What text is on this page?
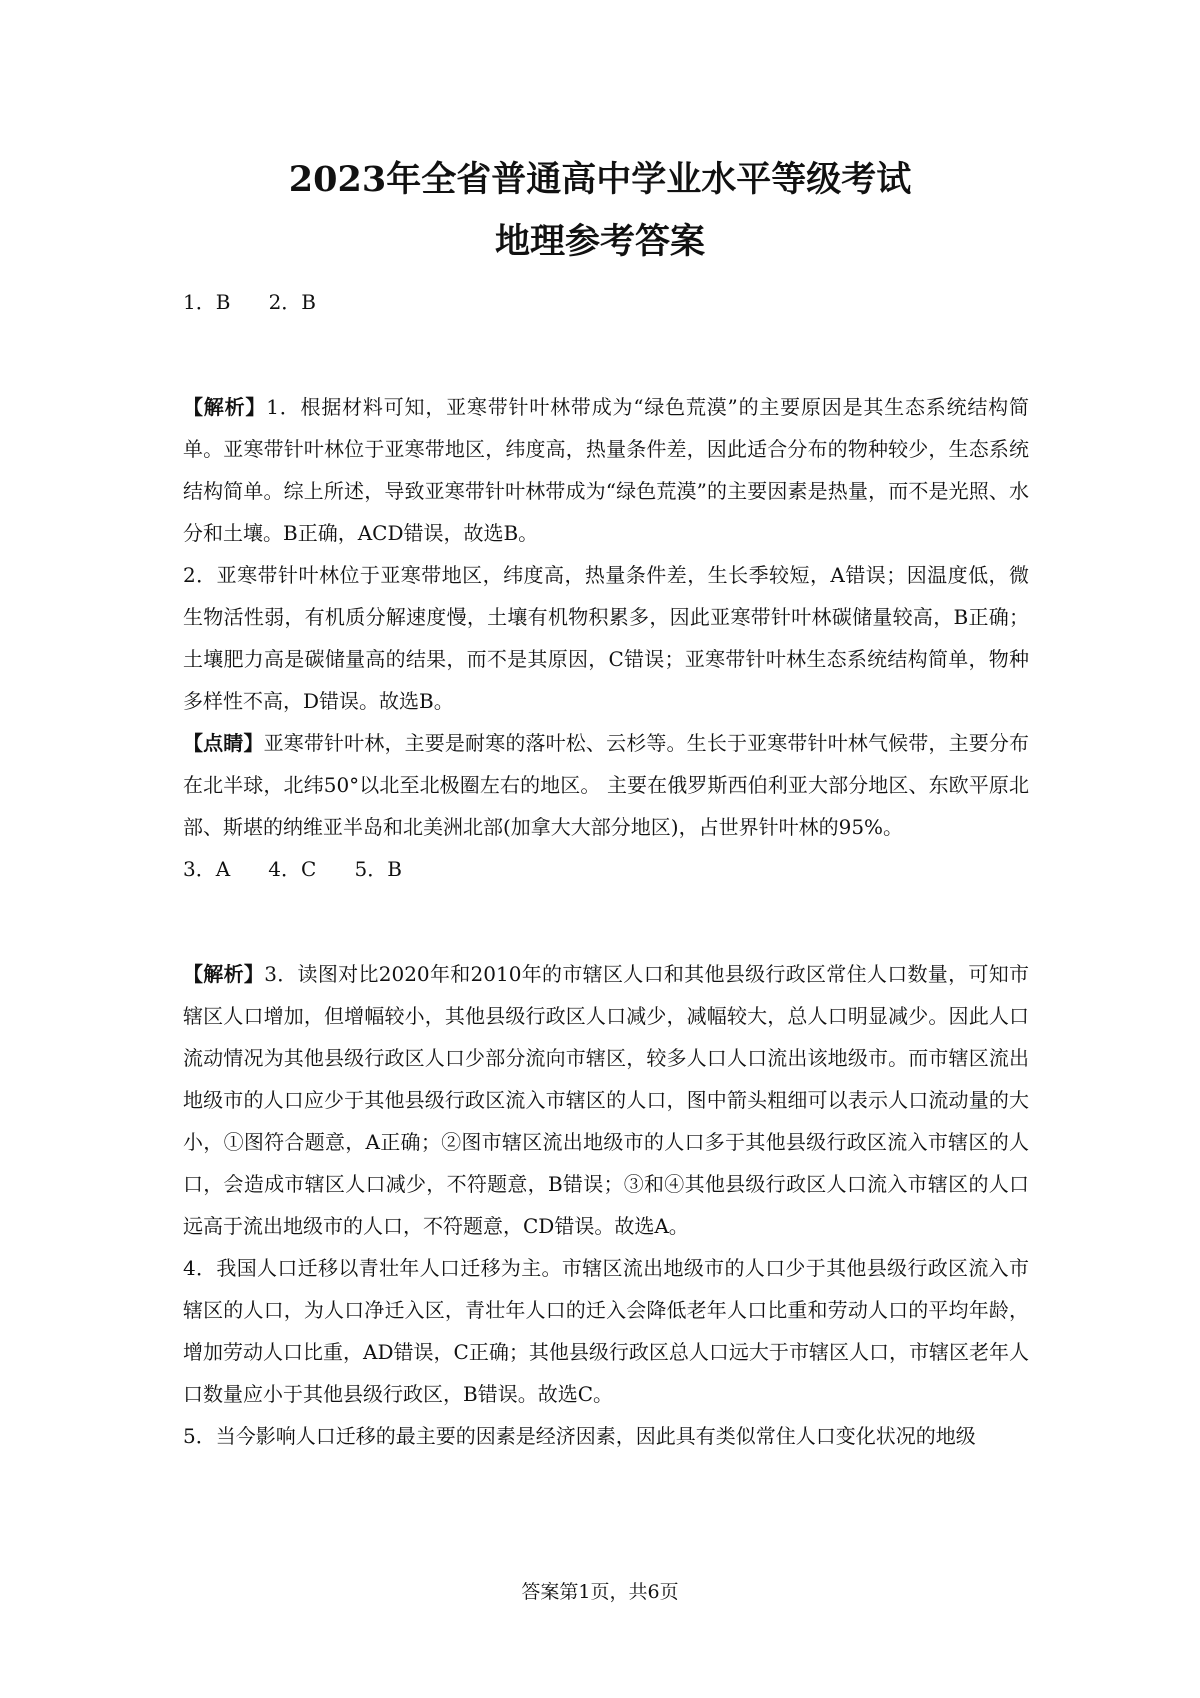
2023年全省普通高中学业水平等级考试
地理参考答案

1．B      2．B

【解析】1．根据材料可知，亚寒带针叶林带成为“绿色荒漠”的主要原因是其生态系统结构简单。亚寒带针叶林位于亚寒带地区，纬度高，热量条件差，因此适合分布的物种较少，生态系统结构简单。综上所述，导致亚寒带针叶林带成为“绿色荒漠”的主要因素是热量，而不是光照、水分和土壤。B正确，ACD错误，故选B。

2．亚寒带针叶林位于亚寒带地区，纬度高，热量条件差，生长季较短，A错误；因温度低，微生物活性弱，有机质分解速度慢，土壤有机物积累多，因此亚寒带针叶林碳储量较高，B正确；土壤肥力高是碳储量高的结果，而不是其原因，C错误；亚寒带针叶林生态系统结构简单，物种多样性不高，D错误。故选B。

【点睛】亚寒带针叶林，主要是耐寒的落叶松、云杉等。生长于亚寒带针叶林气候带，主要分布在北半球，北纬50°以北至北极圈左右的地区。 主要在俄罗斯西伯利亚大部分地区、东欧平原北部、斯堪的纳维亚半岛和北美洲北部(加拿大大部分地区)，占世界针叶林的95%。

3．A      4．C      5．B

【解析】3．读图对比2020年和2010年的市辖区人口和其他县级行政区常住人口数量，可知市辖区人口增加，但增幅较小，其他县级行政区人口减少，减幅较大，总人口明显减少。因此人口流动情况为其他县级行政区人口少部分流向市辖区，较多人口人口流出该地级市。而市辖区流出地级市的人口应少于其他县级行政区流入市辖区的人口，图中箭头粗细可以表示人口流动量的大小，①图符合题意，A正确；②图市辖区流出地级市的人口多于其他县级行政区流入市辖区的人口，会造成市辖区人口减少，不符题意，B错误；③和④其他县级行政区人口流入市辖区的人口远高于流出地级市的人口，不符题意，CD错误。故选A。

4．我国人口迁移以青壮年人口迁移为主。市辖区流出地级市的人口少于其他县级行政区流入市辖区的人口，为人口净迁入区，青壮年人口的迁入会降低老年人口比重和劳动人口的平均年龄，增加劳动人口比重，AD错误，C正确；其他县级行政区总人口远大于市辖区人口，市辖区老年人口数量应小于其他县级行政区，B错误。故选C。

5．当今影响人口迁移的最主要的因素是经济因素，因此具有类似常住人口变化状况的地级

答案第1页，共6页
